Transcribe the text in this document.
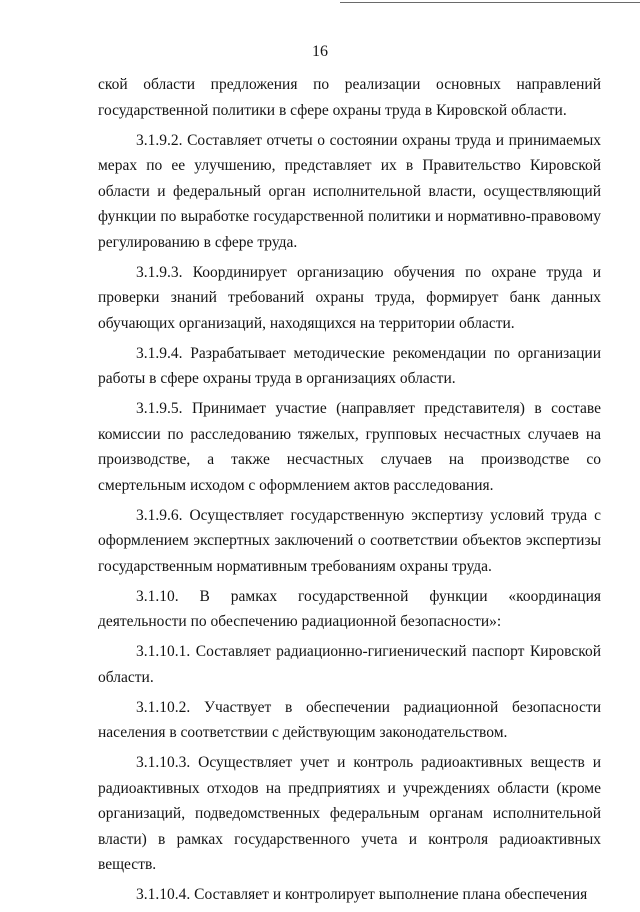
16

ской области предложения по реализации основных направлений государственной политики в сфере охраны труда в Кировской области.

3.1.9.2. Составляет отчеты о состоянии охраны труда и принимаемых мерах по ее улучшению, представляет их в Правительство Кировской области и федеральный орган исполнительной власти, осуществляющий функции по выработке государственной политики и нормативно-правовому регулированию в сфере труда.

3.1.9.3. Координирует организацию обучения по охране труда и проверки знаний требований охраны труда, формирует банк данных обучающих организаций, находящихся на территории области.

3.1.9.4. Разрабатывает методические рекомендации по организации работы в сфере охраны труда в организациях области.

3.1.9.5. Принимает участие (направляет представителя) в составе комиссии по расследованию тяжелых, групповых несчастных случаев на производстве, а также несчастных случаев на производстве со смертельным исходом с оформлением актов расследования.

3.1.9.6. Осуществляет государственную экспертизу условий труда с оформлением экспертных заключений о соответствии объектов экспертизы государственным нормативным требованиям охраны труда.

3.1.10. В рамках государственной функции «координация деятельности по обеспечению радиационной безопасности»:

3.1.10.1. Составляет радиационно-гигиенический паспорт Кировской области.

3.1.10.2. Участвует в обеспечении радиационной безопасности населения в соответствии с действующим законодательством.

3.1.10.3. Осуществляет учет и контроль радиоактивных веществ и радиоактивных отходов на предприятиях и учреждениях области (кроме организаций, подведомственных федеральным органам исполнительной власти) в рамках государственного учета и контроля радиоактивных веществ.

3.1.10.4. Составляет и контролирует выполнение плана обеспечения
